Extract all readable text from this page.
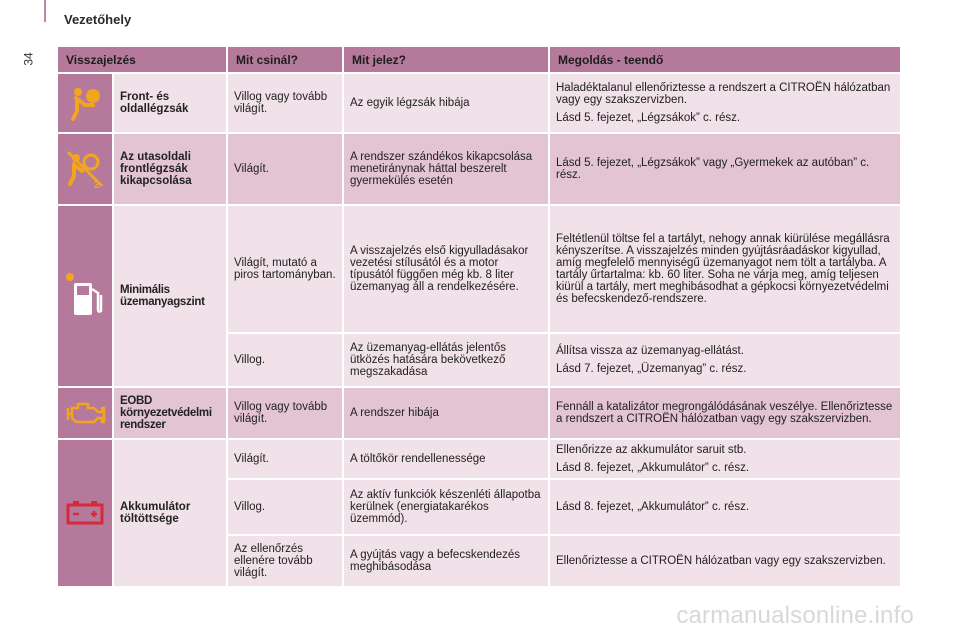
Vezetőhely
34	Visszajelzés		Mit csinál?	Mit jelez?	Megoldás - teendő
	Front- és oldallégzsák	Villog vagy tovább világít.	Az egyik légzsák hibája	Haladéktalanul ellenőriztesse a rendszert a CITROËN hálózatban vagy egy szakszervizben.

Lásd 5. fejezet, „Légzsákok” c. rész.

2	Az utasoldali frontlégzsák kikapcsolása	Világít.	A rendszer szándékos kikapcsolása menetiránynak háttal beszerelt gyermekülés esetén	Lásd 5. fejezet, „Légzsákok” vagy „Gyermekek az autóban” c. rész.

	Minimális üzemanyagszint	Világít, mutató a piros tartományban.	A visszajelzés első kigyulladásakor vezetési stílusától és a motor típusától függően még kb. 8 liter üzemanyag áll a rendelkezésére.	Feltétlenül töltse fel a tartályt, nehogy annak kiürülése megállásra kényszerítse. A visszajelzés minden gyújtásráadáskor kigyullad, amíg megfelelő mennyiségű üzemanyagot nem tölt a tartályba. A tartály űrtartalma: kb. 60 liter. Soha ne várja meg, amíg teljesen kiürül a tartály, mert meghibásodhat a gépkocsi környezetvédelmi és befecskendező-rendszere.

		Villog.	Az üzemanyag-ellátás jelentős ütközés hatására bekövetkező megszakadása	Állítsa vissza az üzemanyag-ellátást.

Lásd 7. fejezet, „Üzemanyag” c. rész.

	EOBD környezetvédelmi rendszer	Villog vagy tovább világít.	A rendszer hibája	Fennáll a katalizátor megrongálódásának veszélye. Ellenőriztesse a rendszert a CITROËN hálózatban vagy egy szakszervizben.

	Akkumulátor töltöttsége	Világít.	A töltőkör rendellenessége	Ellenőrizze az akkumulátor saruit stb.

Lásd 8. fejezet, „Akkumulátor” c. rész.

		Villog.	Az aktív funkciók készenléti állapotba kerülnek (energiatakarékos üzemmód).	Lásd 8. fejezet, „Akkumulátor” c. rész.

		Az ellenőrzés ellenére tovább világít.	A gyújtás vagy a befecskendezés meghibásodása	Ellenőriztesse a CITROËN hálózatban vagy egy szakszervizben.

carmanualsonline.info
